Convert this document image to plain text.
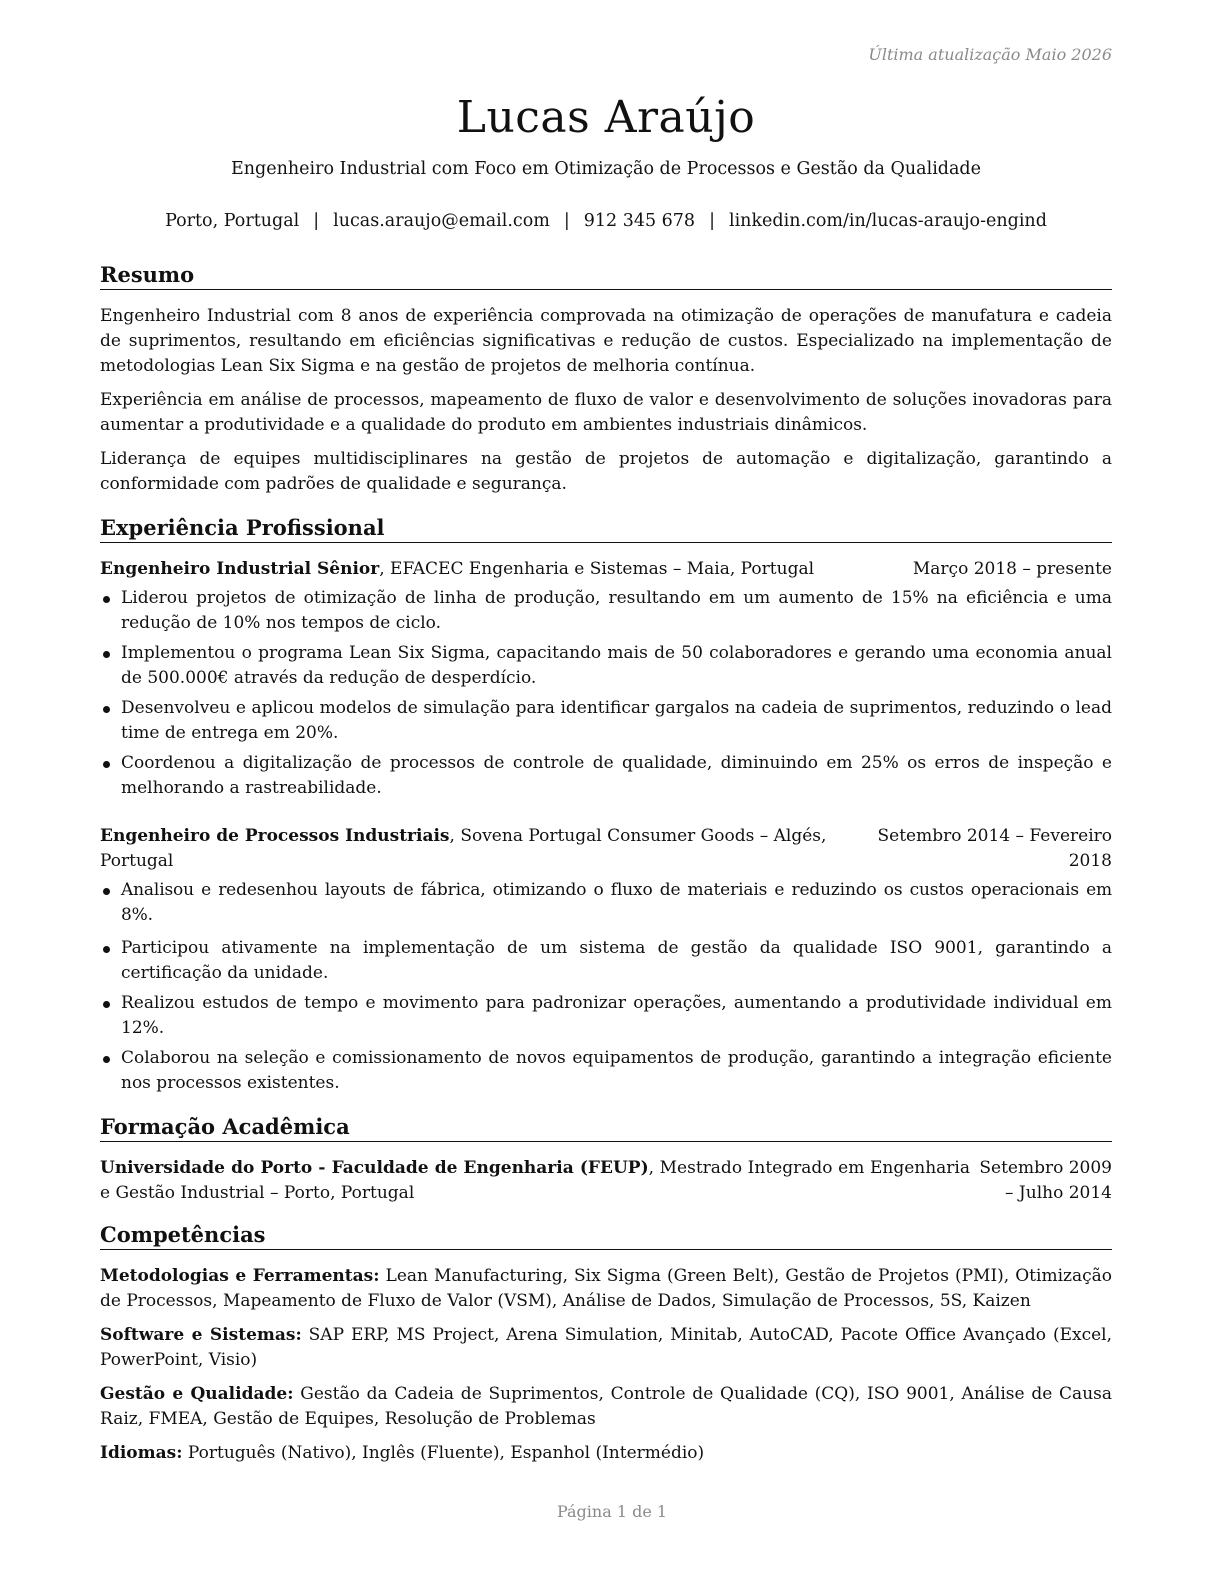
Última atualização Maio 2026
Lucas Araújo
Engenheiro Industrial com Foco em Otimização de Processos e Gestão da Qualidade
Porto, Portugal | lucas.araujo@email.com | 912 345 678 | linkedin.com/in/lucas-araujo-engind
Resumo

Engenheiro Industrial com 8 anos de experiência comprovada na otimização de operações de manufatura e cadeia de suprimentos, resultando em eficiências significativas e redução de custos. Especializado na implementação de metodologias Lean Six Sigma e na gestão de projetos de melhoria contínua.

Experiência em análise de processos, mapeamento de fluxo de valor e desenvolvimento de soluções inovadoras para aumentar a produtividade e a qualidade do produto em ambientes industriais dinâmicos.

Liderança de equipes multidisciplinares na gestão de projetos de automação e digitalização, garantindo a conformidade com padrões de qualidade e segurança.

Experiência Profissional
Engenheiro Industrial Sênior, EFACEC Engenharia e Sistemas – Maia, Portugal	Março 2018 – presente
Liderou projetos de otimização de linha de produção, resultando em um aumento de 15% na eficiência e uma redução de 10% nos tempos de ciclo.
Implementou o programa Lean Six Sigma, capacitando mais de 50 colaboradores e gerando uma economia anual de 500.000€ através da redução de desperdício.
Desenvolveu e aplicou modelos de simulação para identificar gargalos na cadeia de suprimentos, reduzindo o lead time de entrega em 20%.
Coordenou a digitalização de processos de controle de qualidade, diminuindo em 25% os erros de inspeção e melhorando a rastreabilidade.
Engenheiro de Processos Industriais, Sovena Portugal Consumer Goods – Algés, Portugal
Setembro 2014 – Fevereiro 2018
Analisou e redesenhou layouts de fábrica, otimizando o fluxo de materiais e reduzindo os custos operacionais em 8%.
Participou ativamente na implementação de um sistema de gestão da qualidade ISO 9001, garantindo a certificação da unidade.
Realizou estudos de tempo e movimento para padronizar operações, aumentando a produtividade individual em 12%.
Colaborou na seleção e comissionamento de novos equipamentos de produção, garantindo a integração eficiente nos processos existentes.
Formação Acadêmica
Universidade do Porto - Faculdade de Engenharia (FEUP), Mestrado Integrado em Engenharia e Gestão Industrial – Porto, Portugal
Setembro 2009 – Julho 2014
Competências

Metodologias e Ferramentas: Lean Manufacturing, Six Sigma (Green Belt), Gestão de Projetos (PMI), Otimização de Processos, Mapeamento de Fluxo de Valor (VSM), Análise de Dados, Simulação de Processos, 5S, Kaizen

Software e Sistemas: SAP ERP, MS Project, Arena Simulation, Minitab, AutoCAD, Pacote Office Avançado (Excel, PowerPoint, Visio)

Gestão e Qualidade: Gestão da Cadeia de Suprimentos, Controle de Qualidade (CQ), ISO 9001, Análise de Causa Raiz, FMEA, Gestão de Equipes, Resolução de Problemas

Idiomas: Português (Nativo), Inglês (Fluente), Espanhol (Intermédio)

Página 1 de 1
